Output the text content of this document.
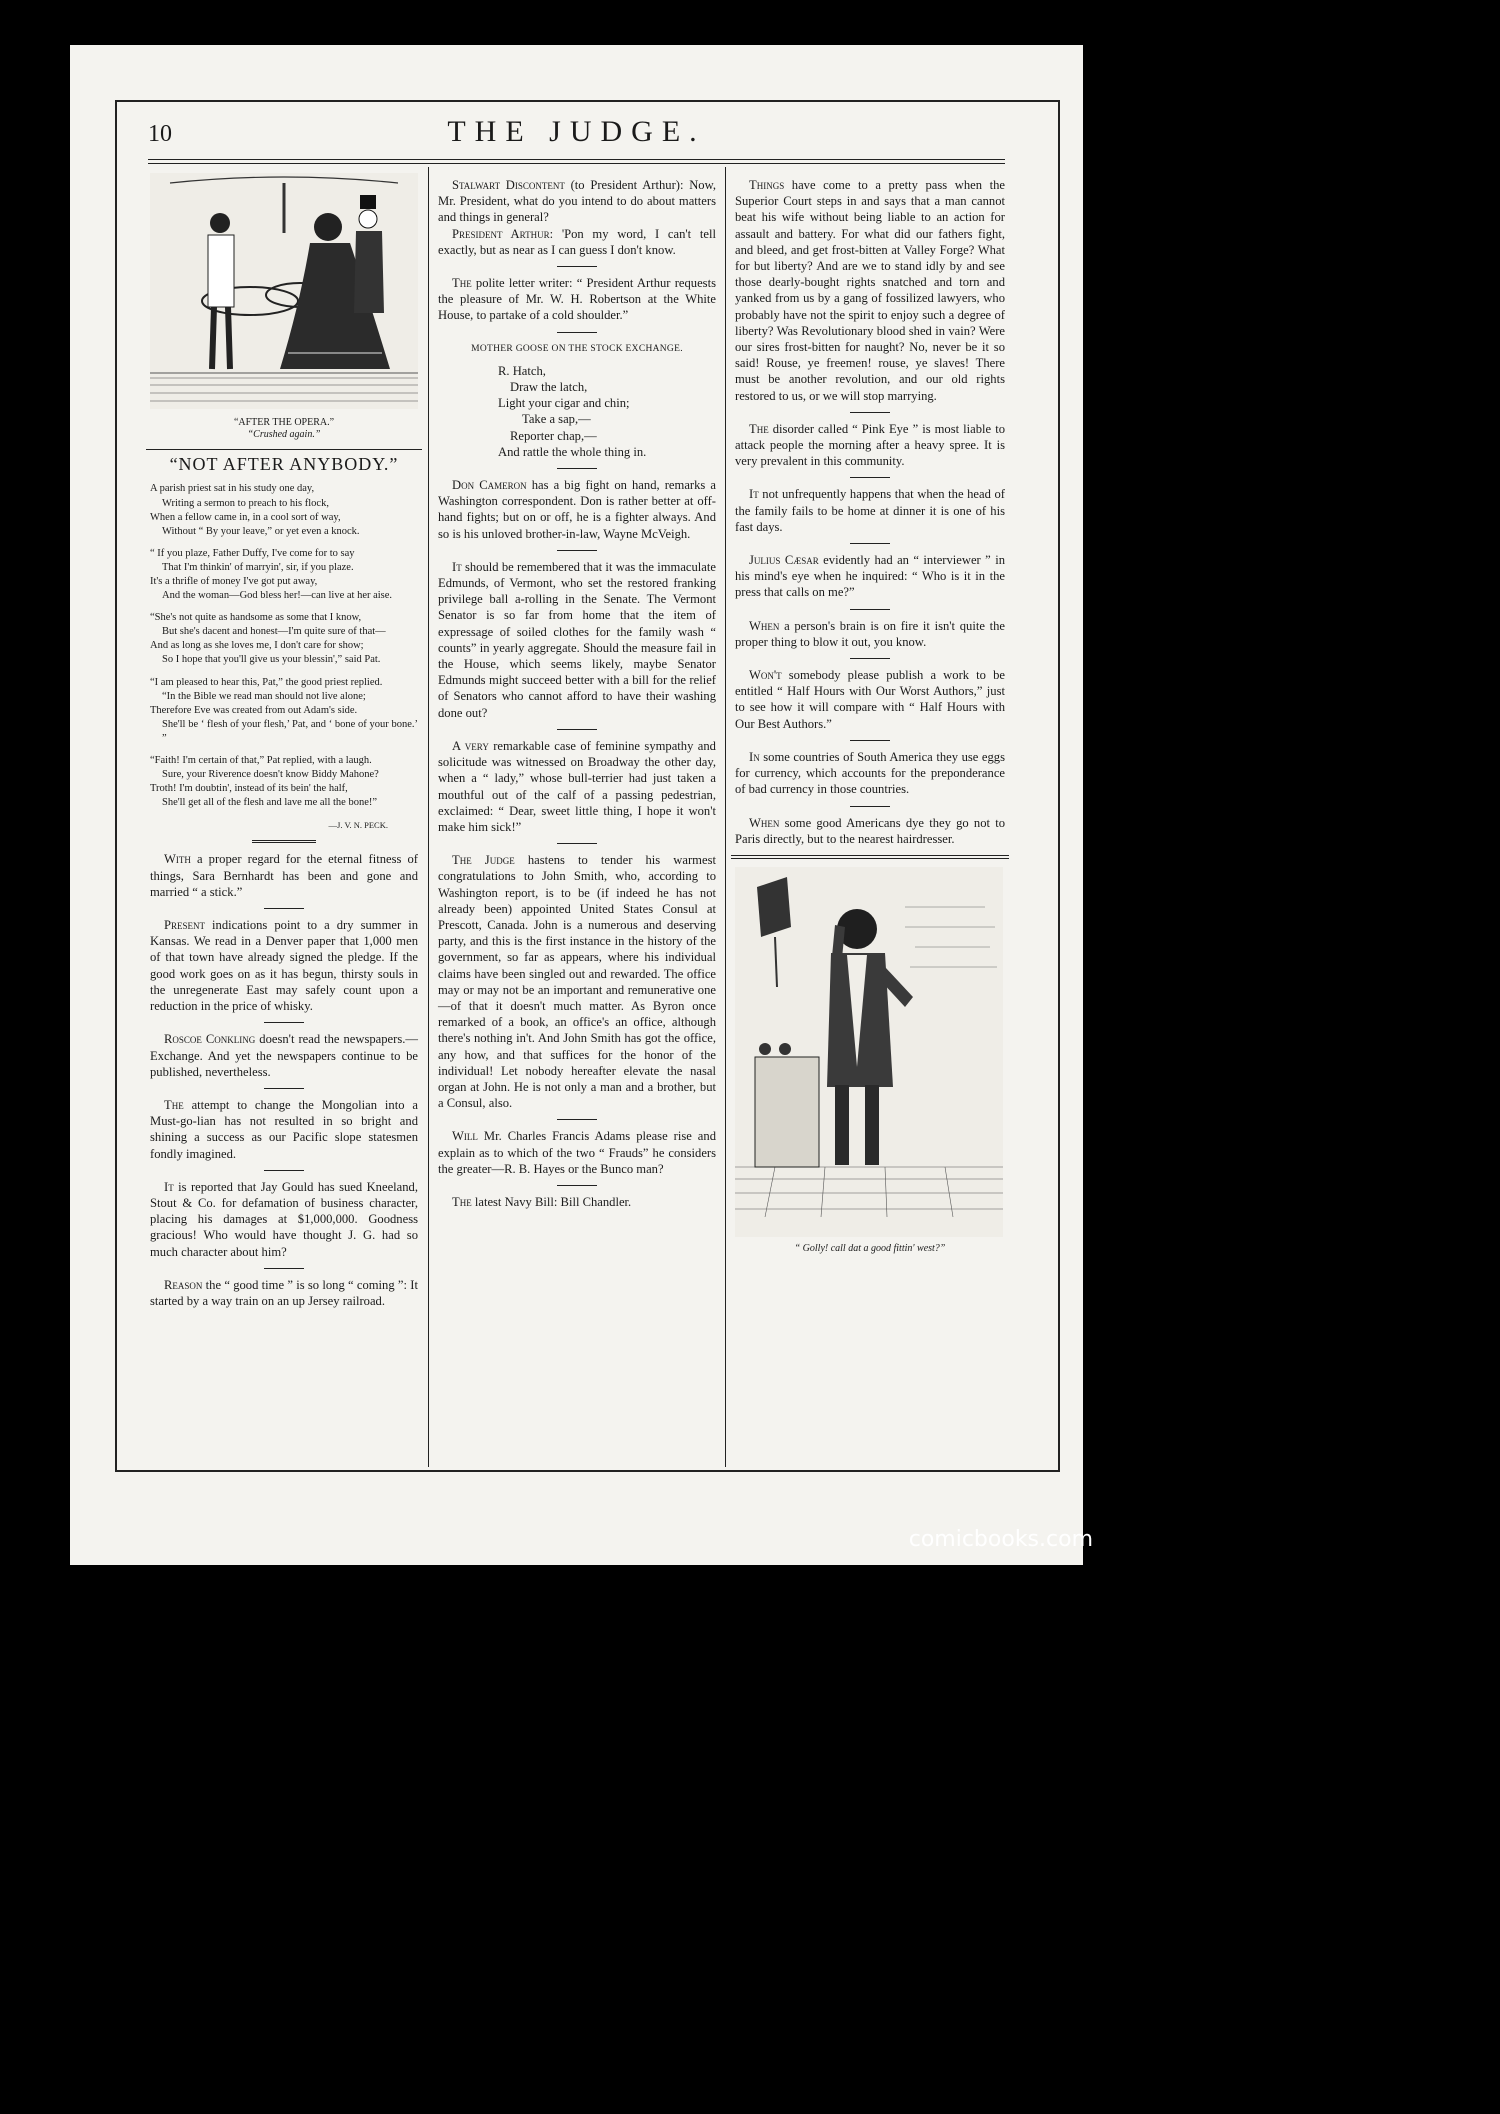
10	THE JUDGE.
“AFTER THE OPERA.”
“Crushed again.”
“NOT AFTER ANYBODY.”
A parish priest sat in his study one day,
Writing a sermon to preach to his flock,
When a fellow came in, in a cool sort of way,
Without “ By your leave,” or yet even a knock.
“ If you plaze, Father Duffy, I've come for to say
That I'm thinkin' of marryin', sir, if you plaze.
It's a thrifle of money I've got put away,
And the woman—God bless her!—can live at her aise.
“She's not quite as handsome as some that I know,
But she's dacent and honest—I'm quite sure of that—
And as long as she loves me, I don't care for show;
So I hope that you'll give us your blessin',” said Pat.
“I am pleased to hear this, Pat,” the good priest replied.
“In the Bible we read man should not live alone;
Therefore Eve was created from out Adam's side.
She'll be ‘ flesh of your flesh,’ Pat, and ‘ bone of your bone.’ ”
“Faith! I'm certain of that,” Pat replied, with a laugh.
Sure, your Riverence doesn't know Biddy Mahone?
Troth! I'm doubtin', instead of its bein' the half,
She'll get all of the flesh and lave me all the bone!”
—J. V. N. PECK.

With a proper regard for the eternal fitness of things, Sara Bernhardt has been and gone and married “ a stick.”

Present indications point to a dry summer in Kansas. We read in a Denver paper that 1,000 men of that town have already signed the pledge. If the good work goes on as it has begun, thirsty souls in the unregenerate East may safely count upon a reduction in the price of whisky.

Roscoe Conkling doesn't read the newspapers.—Exchange. And yet the newspapers continue to be published, nevertheless.

The attempt to change the Mongolian into a Must-go-lian has not resulted in so bright and shining a success as our Pacific slope statesmen fondly imagined.

It is reported that Jay Gould has sued Kneeland, Stout & Co. for defamation of business character, placing his damages at $1,000,000. Goodness gracious! Who would have thought J. G. had so much character about him?

Reason the “ good time ” is so long “ coming ”: It started by a way train on an up Jersey railroad.

Stalwart Discontent (to President Arthur): Now, Mr. President, what do you intend to do about matters and things in general?

President Arthur: 'Pon my word, I can't tell exactly, but as near as I can guess I don't know.

The polite letter writer: “ President Arthur requests the pleasure of Mr. W. H. Robertson at the White House, to partake of a cold shoulder.”

MOTHER GOOSE ON THE STOCK EXCHANGE.
R. Hatch,
Draw the latch,
Light your cigar and chin;
Take a sap,—
Reporter chap,—
And rattle the whole thing in.

Don Cameron has a big fight on hand, remarks a Washington correspondent. Don is rather better at off-hand fights; but on or off, he is a fighter always. And so is his unloved brother-in-law, Wayne McVeigh.

It should be remembered that it was the immaculate Edmunds, of Vermont, who set the restored franking privilege ball a-rolling in the Senate. The Vermont Senator is so far from home that the item of expressage of soiled clothes for the family wash “ counts” in yearly aggregate. Should the measure fail in the House, which seems likely, maybe Senator Edmunds might succeed better with a bill for the relief of Senators who cannot afford to have their washing done out?

A very remarkable case of feminine sympathy and solicitude was witnessed on Broadway the other day, when a “ lady,” whose bull-terrier had just taken a mouthful out of the calf of a passing pedestrian, exclaimed: “ Dear, sweet little thing, I hope it won't make him sick!”

The Judge hastens to tender his warmest congratulations to John Smith, who, according to Washington report, is to be (if indeed he has not already been) appointed United States Consul at Prescott, Canada. John is a numerous and deserving party, and this is the first instance in the history of the government, so far as appears, where his individual claims have been singled out and rewarded. The office may or may not be an important and remunerative one—of that it doesn't much matter. As Byron once remarked of a book, an office's an office, although there's nothing in't. And John Smith has got the office, any how, and that suffices for the honor of the individual! Let nobody hereafter elevate the nasal organ at John. He is not only a man and a brother, but a Consul, also.

Will Mr. Charles Francis Adams please rise and explain as to which of the two “ Frauds” he considers the greater—R. B. Hayes or the Bunco man?

The latest Navy Bill: Bill Chandler.

Things have come to a pretty pass when the Superior Court steps in and says that a man cannot beat his wife without being liable to an action for assault and battery. For what did our fathers fight, and bleed, and get frost-bitten at Valley Forge? What for but liberty? And are we to stand idly by and see those dearly-bought rights snatched and torn and yanked from us by a gang of fossilized lawyers, who probably have not the spirit to enjoy such a degree of liberty? Was Revolutionary blood shed in vain? Were our sires frost-bitten for naught? No, never be it so said! Rouse, ye freemen! rouse, ye slaves! There must be another revolution, and our old rights restored to us, or we will stop marrying.

The disorder called “ Pink Eye ” is most liable to attack people the morning after a heavy spree. It is very prevalent in this community.

It not unfrequently happens that when the head of the family fails to be home at dinner it is one of his fast days.

Julius Cæsar evidently had an “ interviewer ” in his mind's eye when he inquired: “ Who is it in the press that calls on me?”

When a person's brain is on fire it isn't quite the proper thing to blow it out, you know.

Won't somebody please publish a work to be entitled “ Half Hours with Our Worst Authors,” just to see how it will compare with “ Half Hours with Our Best Authors.”

In some countries of South America they use eggs for currency, which accounts for the preponderance of bad currency in those countries.

When some good Americans dye they go not to Paris directly, but to the nearest hairdresser.

“ Golly! call dat a good fittin' west?”
comicbooks.com
